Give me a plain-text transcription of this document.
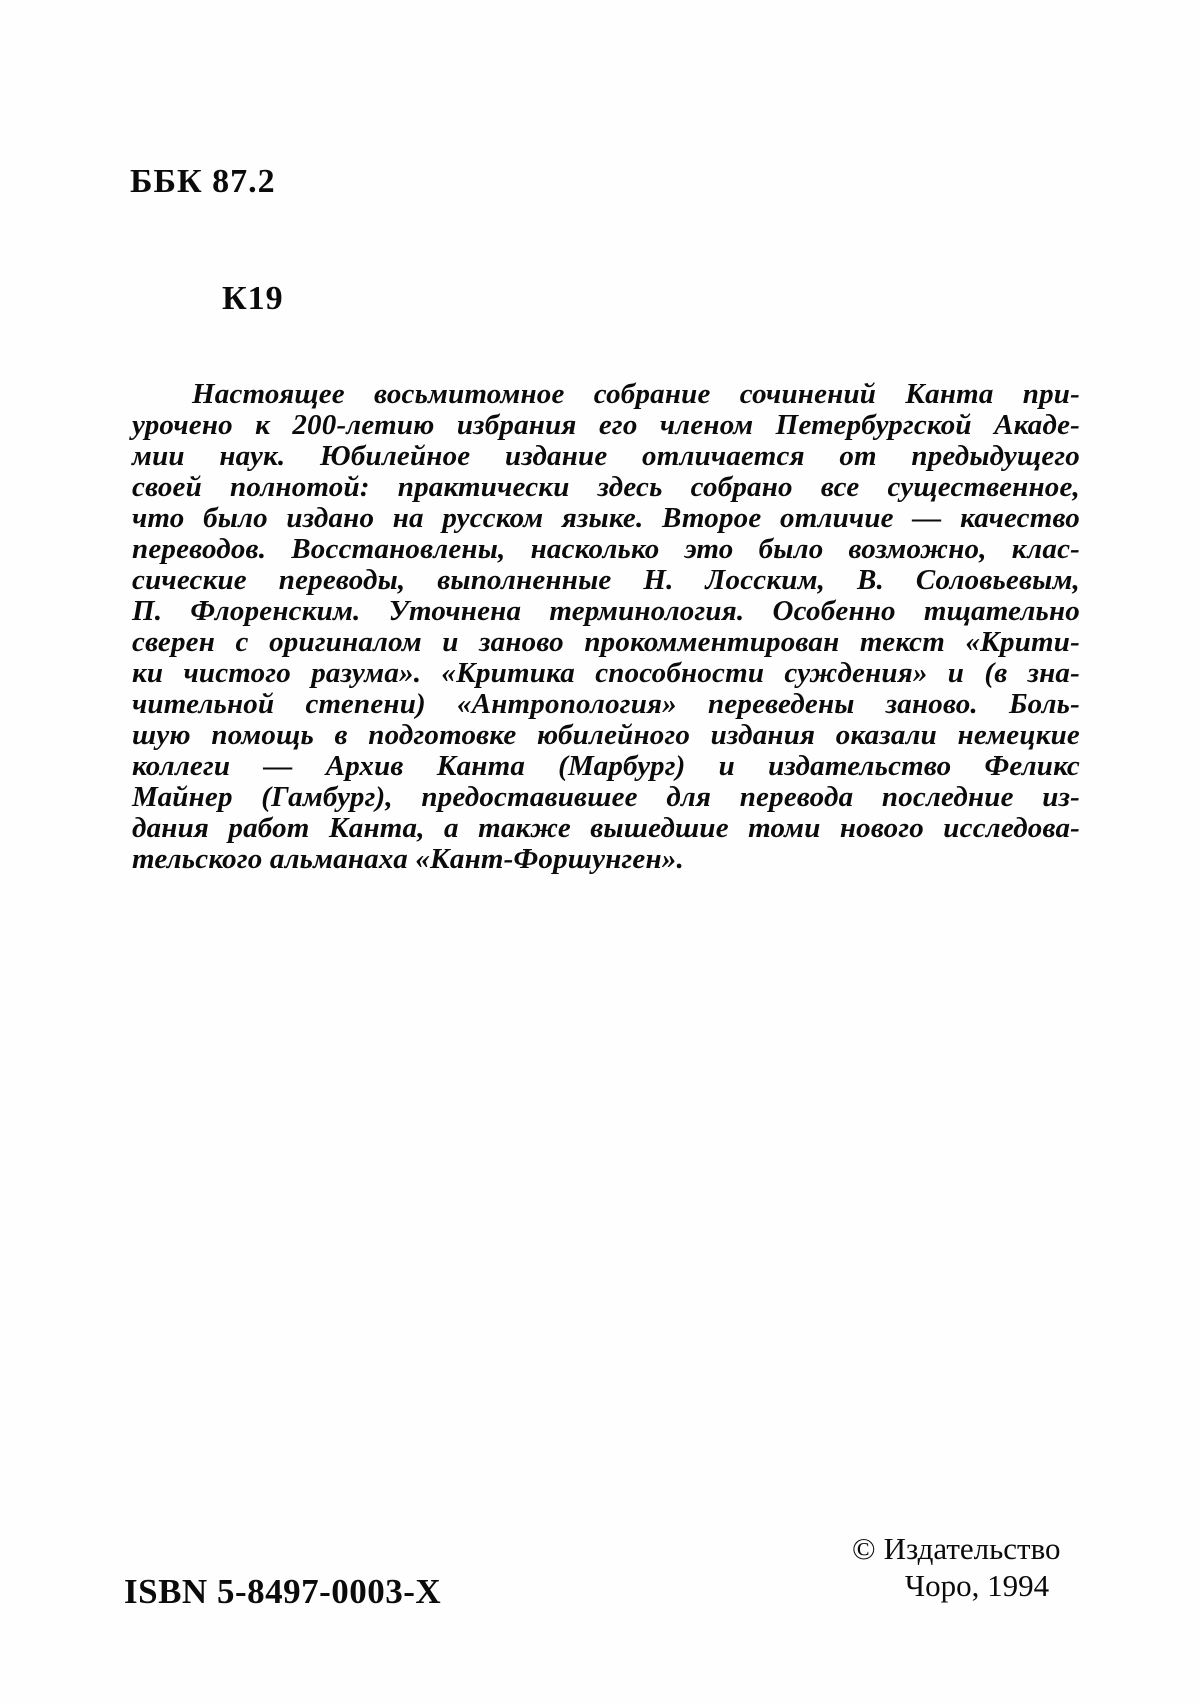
ББК 87.2

К19

Настоящее восьмитомное собрание сочинений Канта при-
урочено к 200-летию избрания его членом Петербургской Акаде-
мии наук. Юбилейное издание отличается от предыдущего
своей полнотой: практически здесь собрано все существенное,
что было издано на русском языке. Второе отличие — качество
переводов. Восстановлены, насколько это было возможно, клас-
сические переводы, выполненные Н. Лосским, В. Соловьевым,
П. Флоренским. Уточнена терминология. Особенно тщательно
сверен с оригиналом и заново прокомментирован текст «Крити-
ки чистого разума». «Критика способности суждения» и (в зна-
чительной степени) «Антропология» переведены заново. Боль-
шую помощь в подготовке юбилейного издания оказали немецкие
коллеги — Архив Канта (Марбург) и издательство Феликс
Майнер (Гамбург), предоставившее для перевода последние из-
дания работ Канта, а также вышедшие томи нового исследова-
тельского альманаха «Кант-Форшунген».
© Издательство
Чоро, 1994
ISBN 5-8497-0003-X
